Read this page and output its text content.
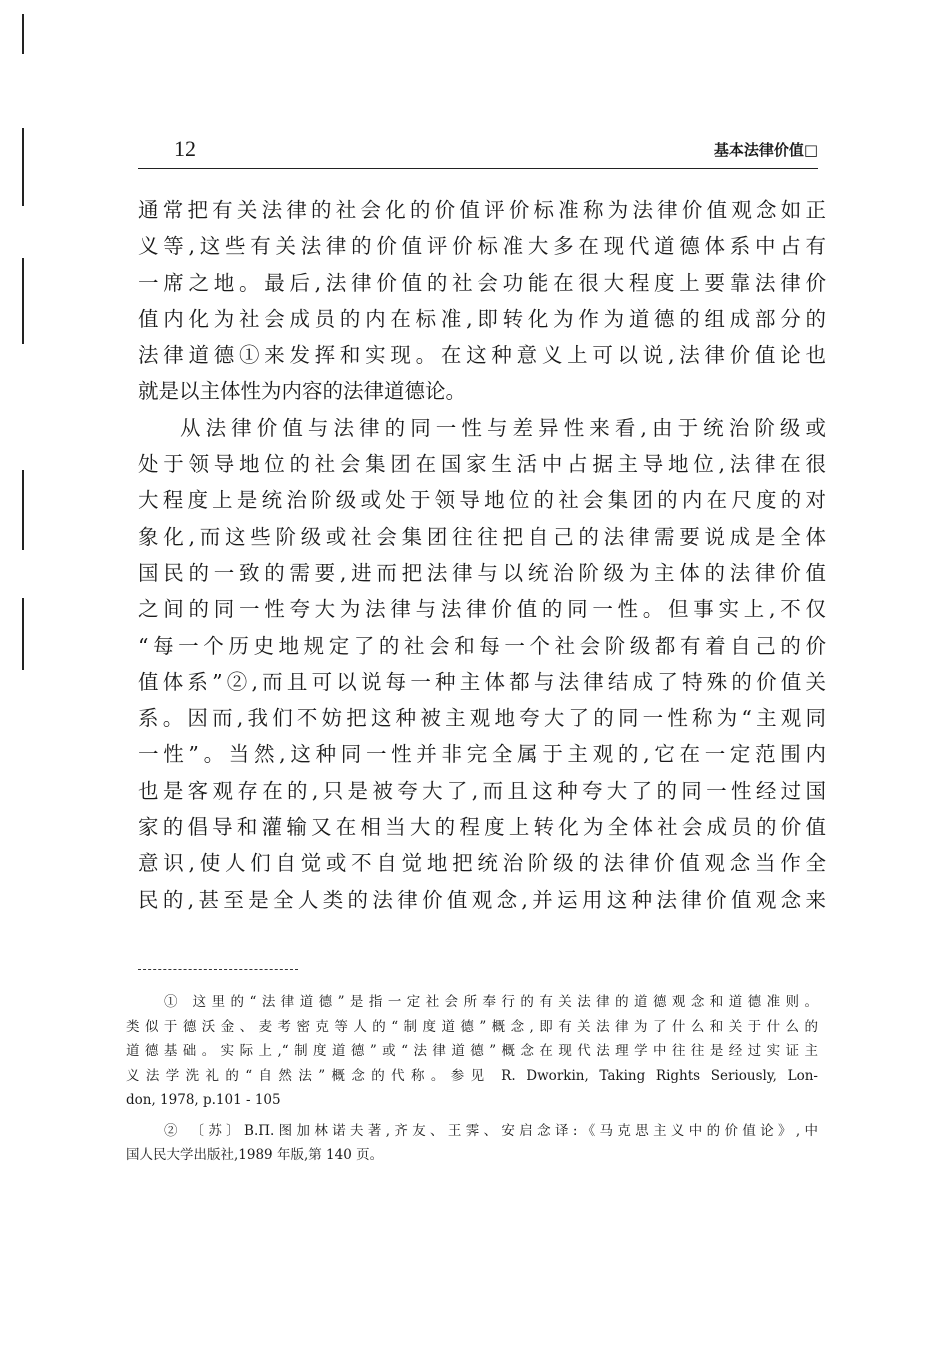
12	基本法律价值□
通常把有关法律的社会化的价值评价标准称为法律价值观念如正
义等,这些有关法律的价值评价标准大多在现代道德体系中占有
一席之地。最后,法律价值的社会功能在很大程度上要靠法律价
值内化为社会成员的内在标准,即转化为作为道德的组成部分的
法律道德①来发挥和实现。在这种意义上可以说,法律价值论也
就是以主体性为内容的法律道德论。
从法律价值与法律的同一性与差异性来看,由于统治阶级或
处于领导地位的社会集团在国家生活中占据主导地位,法律在很
大程度上是统治阶级或处于领导地位的社会集团的内在尺度的对
象化,而这些阶级或社会集团往往把自己的法律需要说成是全体
国民的一致的需要,进而把法律与以统治阶级为主体的法律价值
之间的同一性夸大为法律与法律价值的同一性。但事实上,不仅
“每一个历史地规定了的社会和每一个社会阶级都有着自己的价
值体系”②,而且可以说每一种主体都与法律结成了特殊的价值关
系。因而,我们不妨把这种被主观地夸大了的同一性称为“主观同
一性”。当然,这种同一性并非完全属于主观的,它在一定范围内
也是客观存在的,只是被夸大了,而且这种夸大了的同一性经过国
家的倡导和灌输又在相当大的程度上转化为全体社会成员的价值
意识,使人们自觉或不自觉地把统治阶级的法律价值观念当作全
民的,甚至是全人类的法律价值观念,并运用这种法律价值观念来
① 这里的“法律道德”是指一定社会所奉行的有关法律的道德观念和道德准则。
类似于德沃金、麦考密克等人的“制度道德”概念,即有关法律为了什么和关于什么的
道德基础。实际上,“制度道德”或“法律道德”概念在现代法理学中往往是经过实证主
义法学洗礼的“自然法”概念的代称。参见 R. Dworkin, Taking Rights Seriously, Lon-
don, 1978, p.101 - 105
② 〔苏〕B.П.图加林诺夫著,齐友、王霁、安启念译:《马克思主义中的价值论》,中
国人民大学出版社,1989 年版,第 140 页。
